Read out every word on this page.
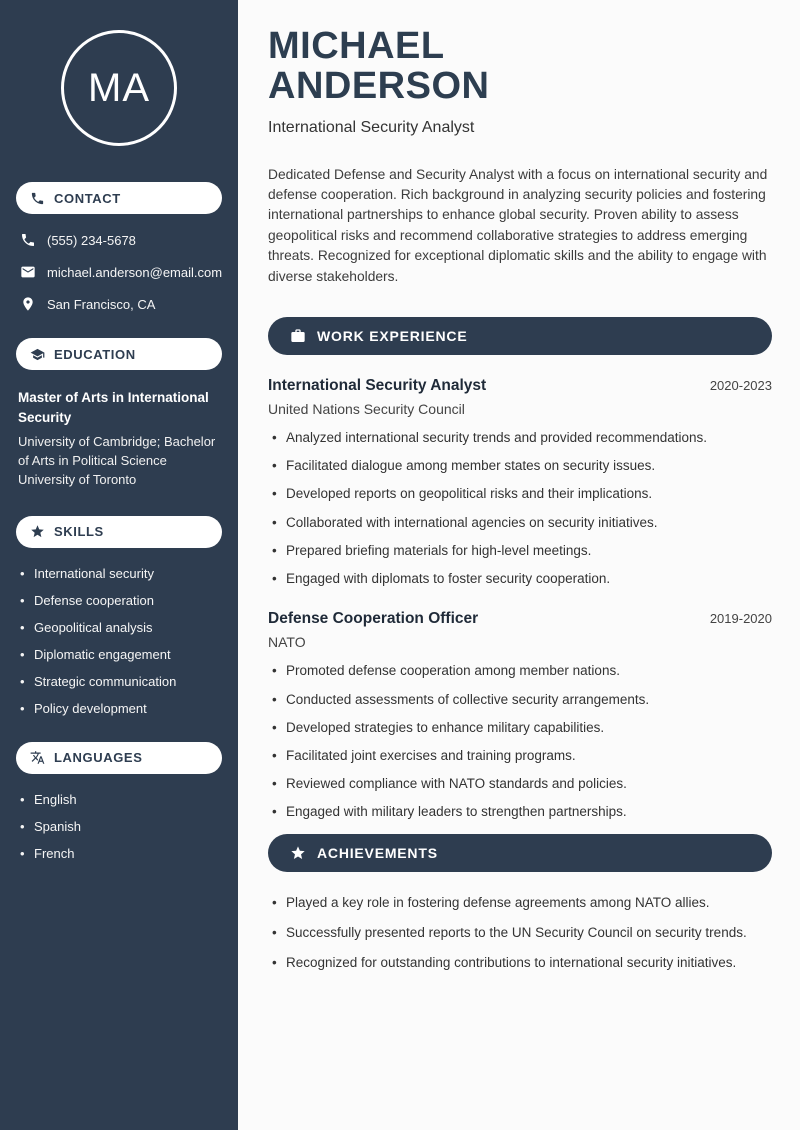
MA
CONTACT
(555) 234-5678
michael.anderson@email.com
San Francisco, CA
EDUCATION
Master of Arts in International Security
University of Cambridge; Bachelor of Arts in Political Science
University of Toronto
SKILLS
• International security
• Defense cooperation
• Geopolitical analysis
• Diplomatic engagement
• Strategic communication
• Policy development
LANGUAGES
• English
• Spanish
• French
MICHAEL
ANDERSON
International Security Analyst

Dedicated Defense and Security Analyst with a focus on international security and defense cooperation. Rich background in analyzing security policies and fostering international partnerships to enhance global security. Proven ability to assess geopolitical risks and recommend collaborative strategies to address emerging threats. Recognized for exceptional diplomatic skills and the ability to engage with diverse stakeholders.

WORK EXPERIENCE
International Security Analyst	2020-2023
United Nations Security Council
• Analyzed international security trends and provided recommendations.
• Facilitated dialogue among member states on security issues.
• Developed reports on geopolitical risks and their implications.
• Collaborated with international agencies on security initiatives.
• Prepared briefing materials for high-level meetings.
• Engaged with diplomats to foster security cooperation.
Defense Cooperation Officer	2019-2020
NATO
• Promoted defense cooperation among member nations.
• Conducted assessments of collective security arrangements.
• Developed strategies to enhance military capabilities.
• Facilitated joint exercises and training programs.
• Reviewed compliance with NATO standards and policies.
• Engaged with military leaders to strengthen partnerships.
ACHIEVEMENTS
• Played a key role in fostering defense agreements among NATO allies.
• Successfully presented reports to the UN Security Council on security trends.
• Recognized for outstanding contributions to international security initiatives.
